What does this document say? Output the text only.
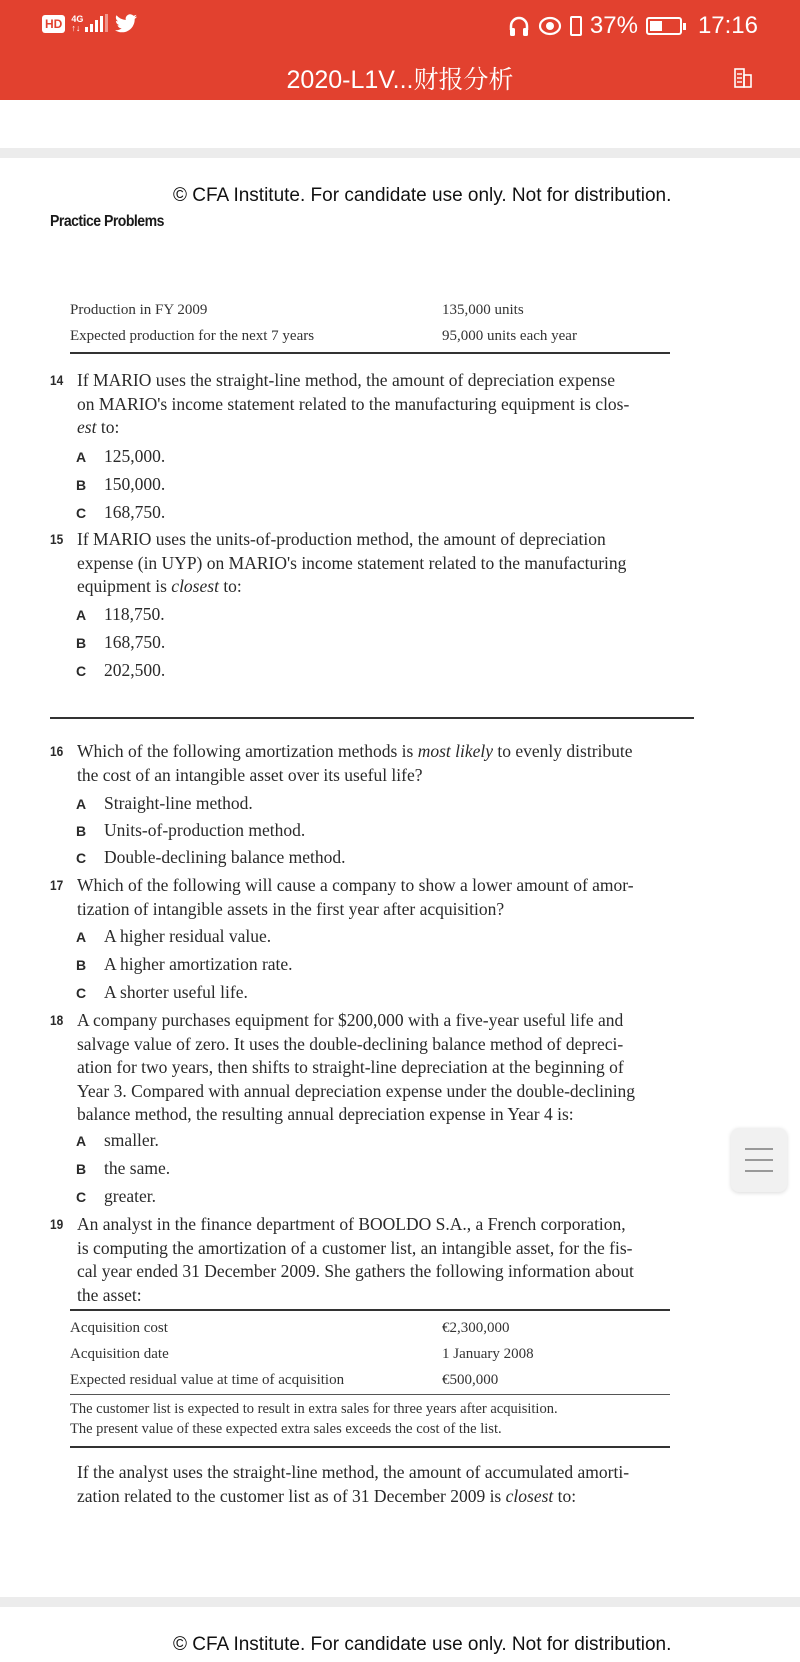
HD	4G
↑↓	37%	17:16
2020-L1V...财报分析
© CFA Institute. For candidate use only. Not for distribution.
Practice Problems
Production in FY 2009	135,000 units
Expected production for the next 7 years	95,000 units each year
14 If MARIO uses the straight-line method, the amount of depreciation expense
on MARIO's income statement related to the manufacturing equipment is clos-
est to:
A 125,000.
B 150,000.
C 168,750.
15 If MARIO uses the units-of-production method, the amount of depreciation
expense (in UYP) on MARIO's income statement related to the manufacturing
equipment is closest to:
A 118,750.
B 168,750.
C 202,500.
16 Which of the following amortization methods is most likely to evenly distribute
the cost of an intangible asset over its useful life?
A Straight-line method.
B Units-of-production method.
C Double-declining balance method.
17 Which of the following will cause a company to show a lower amount of amor-
tization of intangible assets in the first year after acquisition?
A A higher residual value.
B A higher amortization rate.
C A shorter useful life.
18 A company purchases equipment for $200,000 with a five-year useful life and
salvage value of zero. It uses the double-declining balance method of depreci-
ation for two years, then shifts to straight-line depreciation at the beginning of
Year 3. Compared with annual depreciation expense under the double-declining
balance method, the resulting annual depreciation expense in Year 4 is:
A smaller.
B the same.
C greater.
19 An analyst in the finance department of BOOLDO S.A., a French corporation,
is computing the amortization of a customer list, an intangible asset, for the fis-
cal year ended 31 December 2009. She gathers the following information about
the asset:
Acquisition cost	€2,300,000
Acquisition date	1 January 2008
Expected residual value at time of acquisition	€500,000
The customer list is expected to result in extra sales for three years after acquisition.
The present value of these expected extra sales exceeds the cost of the list.
If the analyst uses the straight-line method, the amount of accumulated amorti-
zation related to the customer list as of 31 December 2009 is closest to:
© CFA Institute. For candidate use only. Not for distribution.
